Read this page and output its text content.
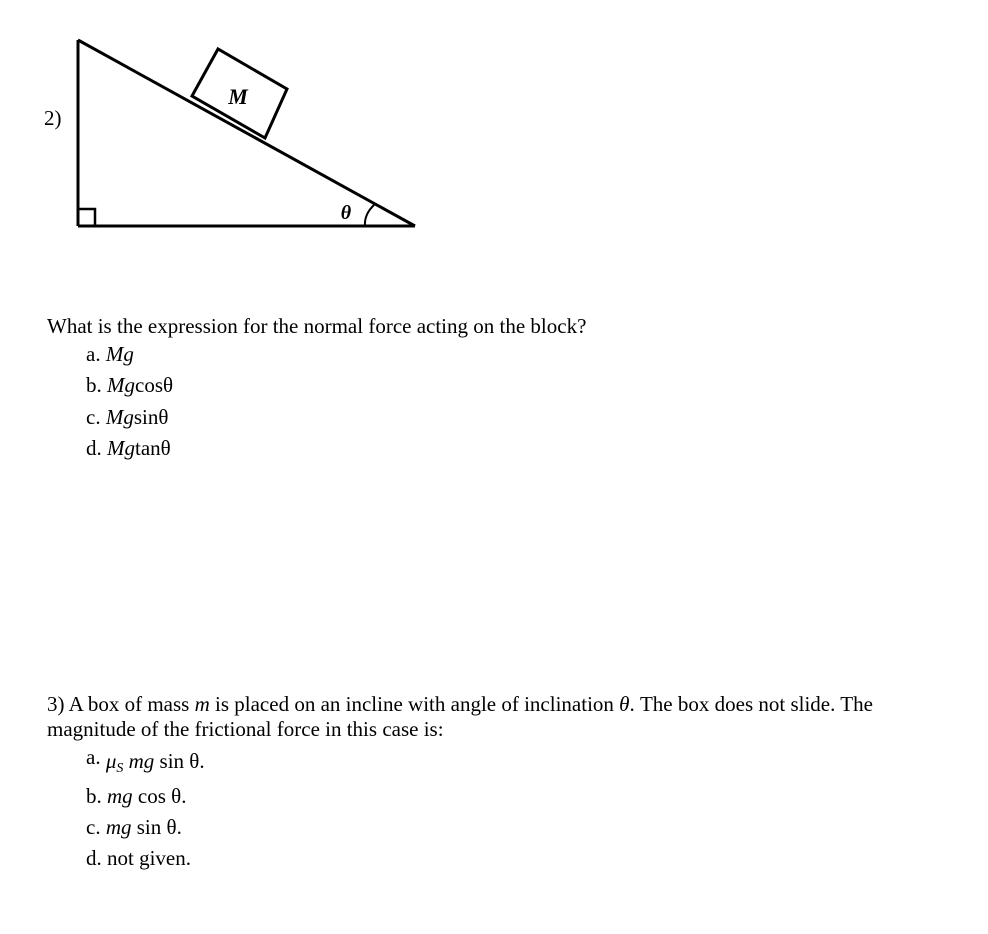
2)
M
θ
What is the expression for the normal force acting on the block?
a. Mg
b. Mgcosθ
c. Mgsinθ
d. Mgtanθ
3) A box of mass m is placed on an incline with angle of inclination θ. The box does not slide. The magnitude of the frictional force in this case is:
a. $\mu_S$ mg sin θ.
b. mg cos θ.
c. mg sin θ.
d. not given.
